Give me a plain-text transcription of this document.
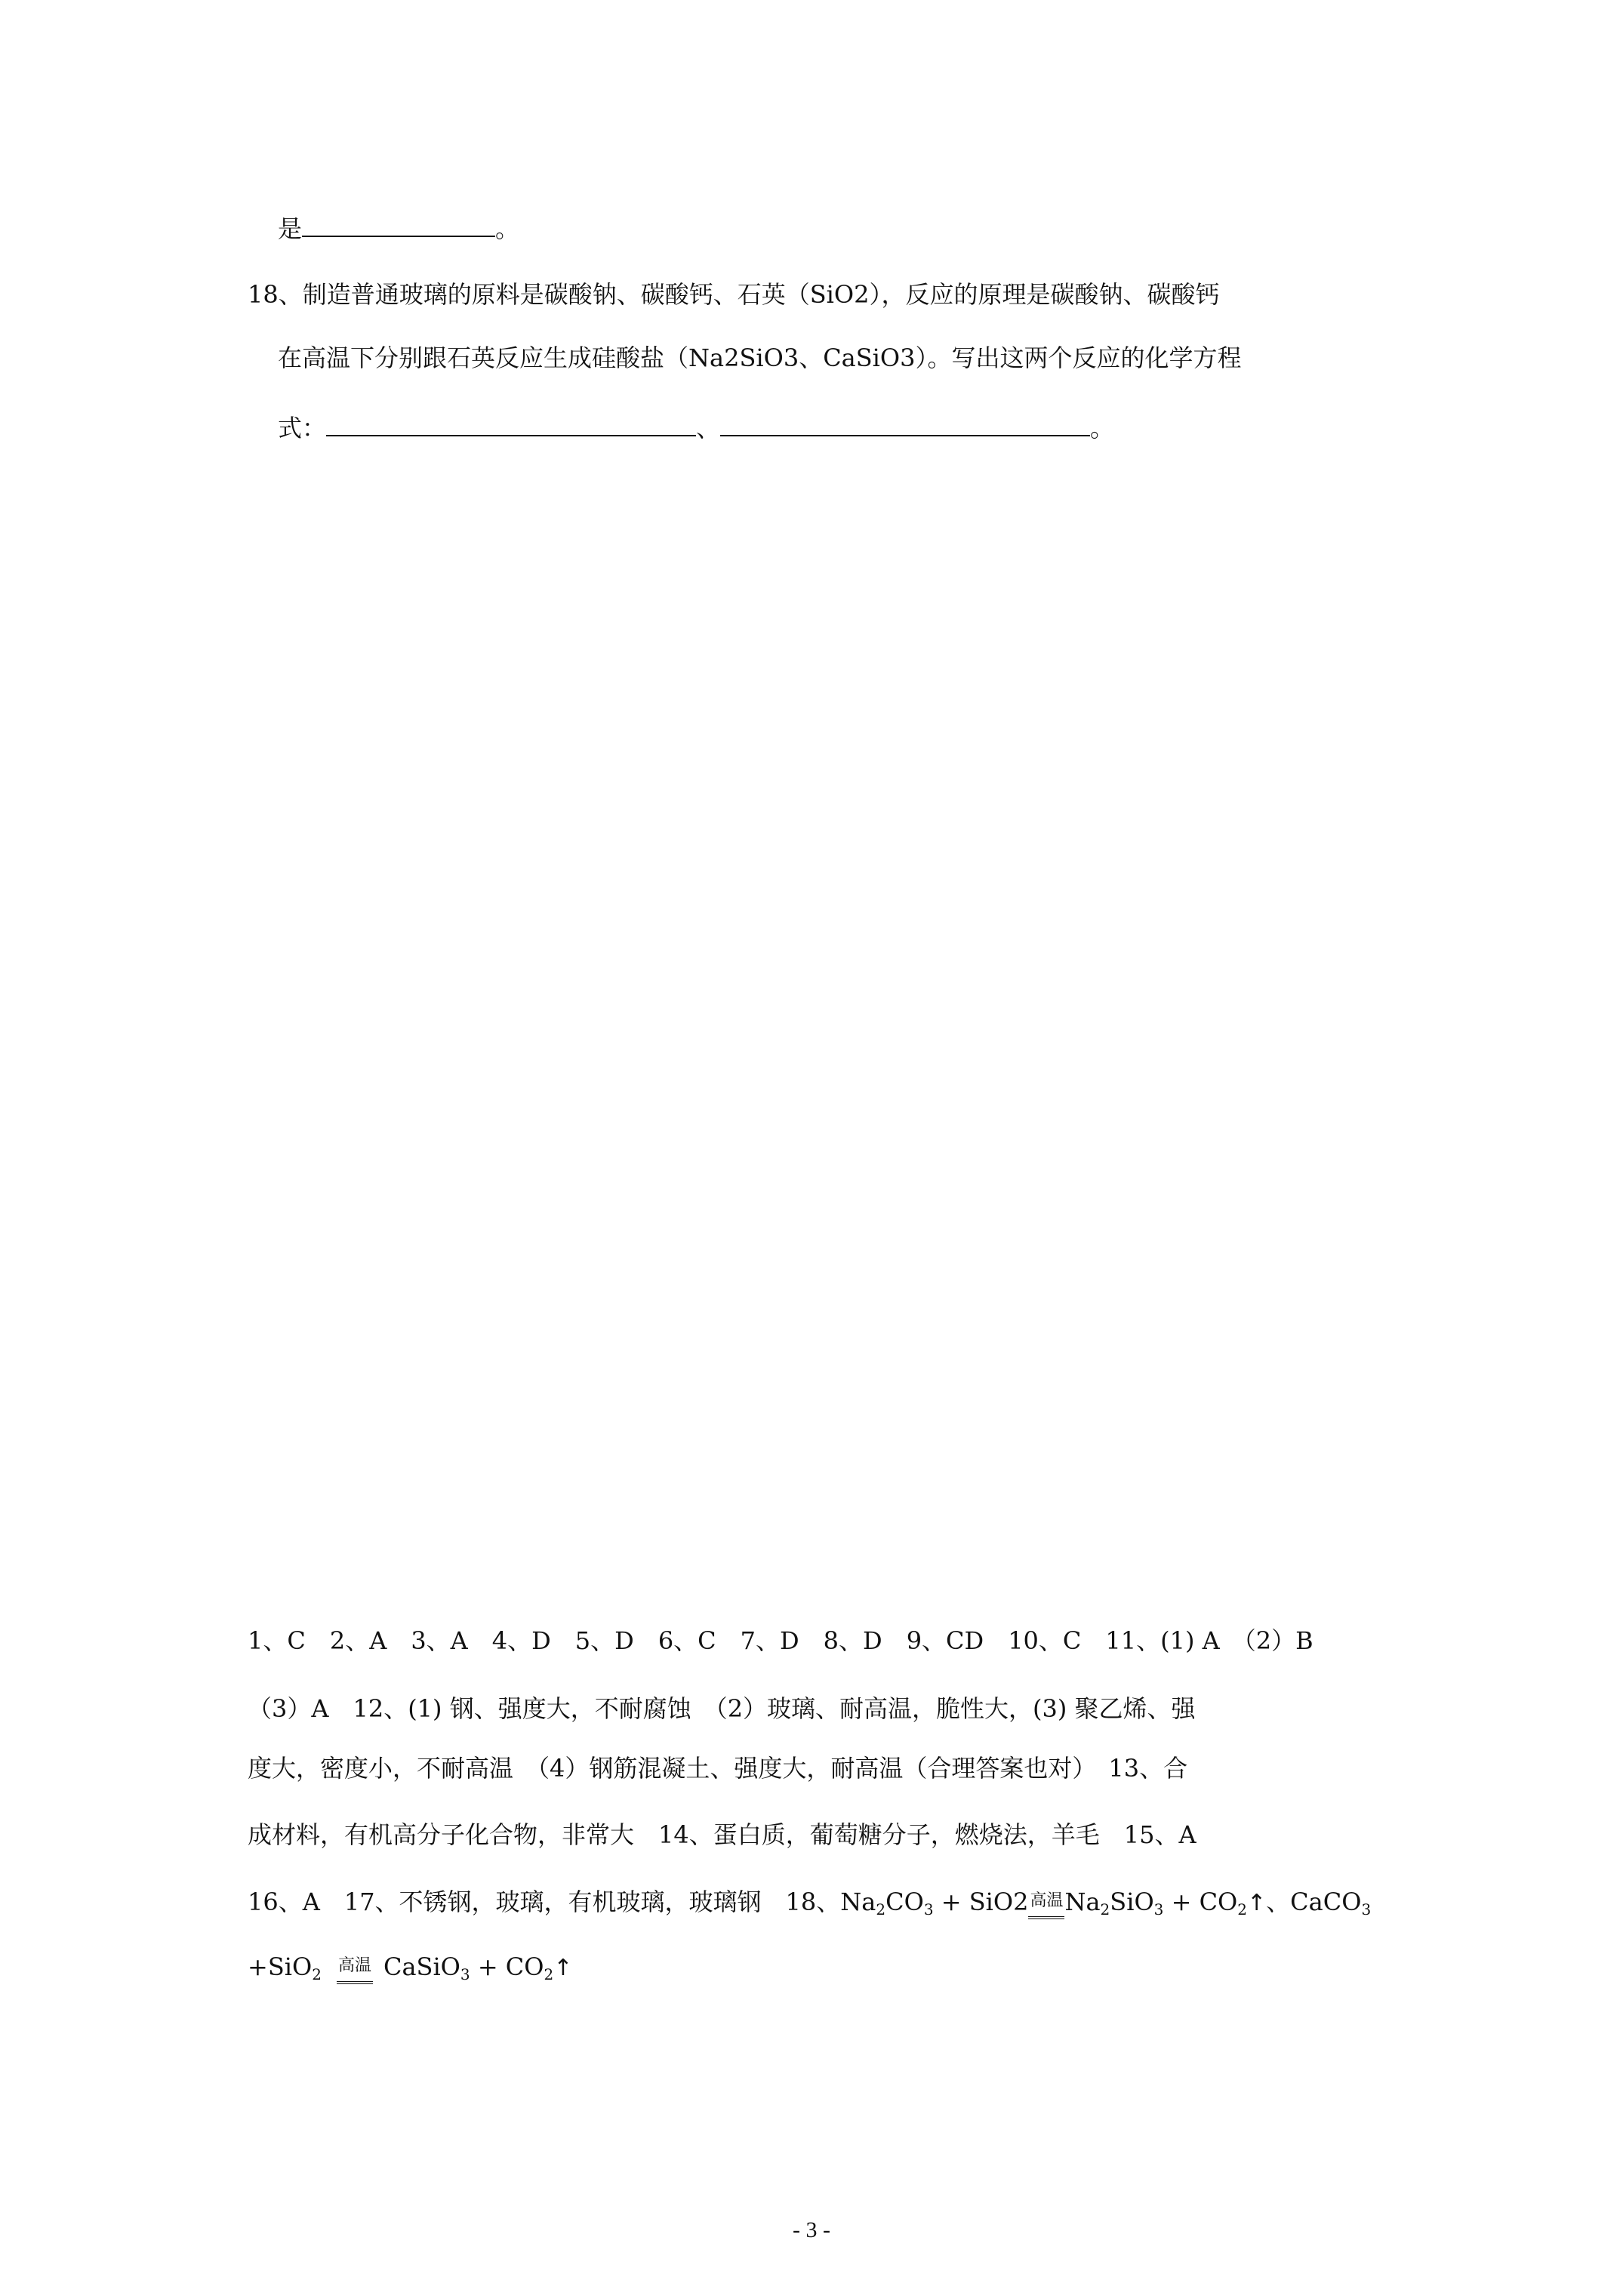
是	。
18、制造普通玻璃的原料是碳酸钠、碳酸钙、石英（SiO2），反应的原理是碳酸钠、碳酸钙
在高温下分别跟石英反应生成硅酸盐（Na2SiO3、CaSiO3）。写出这两个反应的化学方程
式：	、	。
1、C　2、A　3、A　4、D　5、D　6、C　7、D　8、D　9、CD　10、C　11、(1) A　（2）B
（3）A　12、(1) 钢、强度大，不耐腐蚀　（2）玻璃、耐高温，脆性大，(3) 聚乙烯、强
度大，密度小，不耐高温　（4）钢筋混凝土、强度大，耐高温（合理答案也对）　13、合
成材料，有机高分子化合物，非常大　14、蛋白质，葡萄糖分子，燃烧法，羊毛　15、A
16、A　17、不锈钢，玻璃，有机玻璃，玻璃钢　18、$Na_2CO_3 + SiO2$高温$Na_2SiO_3$ + $CO_2↑$、CaCO$_3$
+SiO$_2$ 高温 CaSiO$_3$ + $CO_2↑$
- 3 -
